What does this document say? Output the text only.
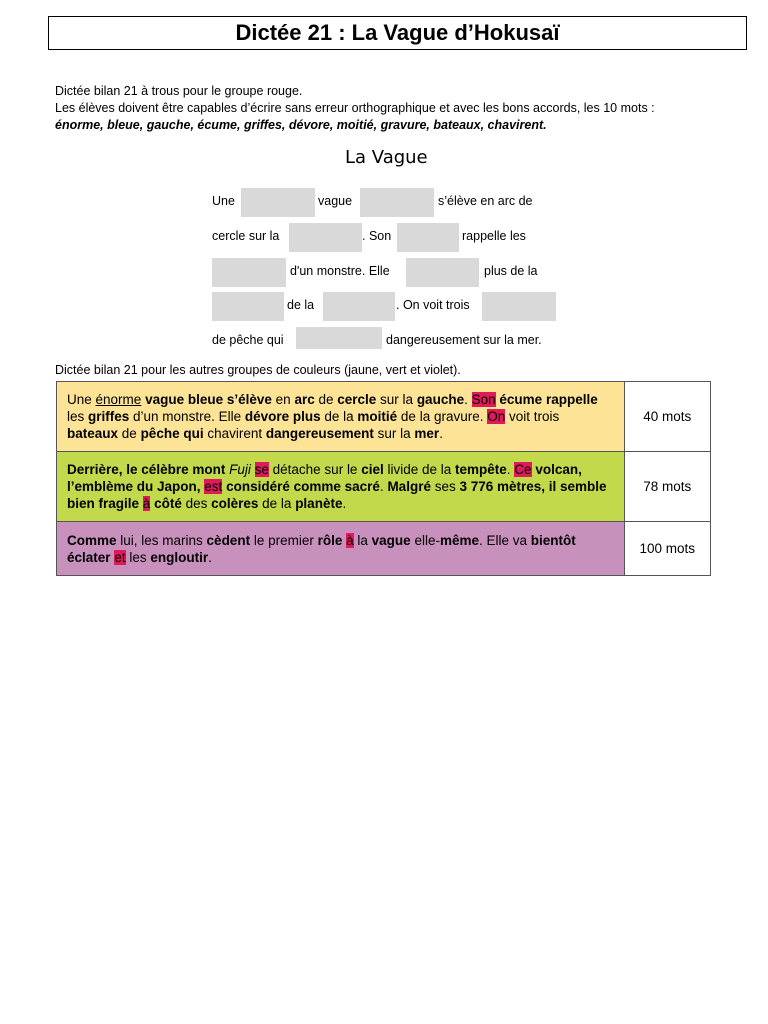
Dictée 21 : La Vague d’Hokusaï

Dictée bilan 21 à trous pour le groupe rouge.

Les élèves doivent être capables d’écrire sans erreur orthographique et avec les bons accords, les 10 mots :

énorme, bleue, gauche, écume, griffes, dévore, moitié, gravure, bateaux, chavirent.

La Vague
Une	vague	s’élève en arc de
cercle sur la	. Son	rappelle les
d'un monstre. Elle	plus de la
de la	. On voit trois
de pêche qui	dangereusement sur la mer.
Dictée bilan 21 pour les autres groupes de couleurs (jaune, vert et violet).
Une énorme vague bleue s’élève en arc de cercle sur la gauche. Son écume rappelle les griffes d’un monstre. Elle dévore plus de la moitié de la gravure. On voit trois bateaux de pêche qui chavirent dangereusement sur la mer.	40 mots
Derrière, le célèbre mont Fuji se détache sur le ciel livide de la tempête. Ce volcan, l’emblème du Japon, est considéré comme sacré. Malgré ses 3 776 mètres, il semble bien fragile à côté des colères de la planète.	78 mots
Comme lui, les marins cèdent le premier rôle à la vague elle-même. Elle va bientôt éclater et les engloutir.	100 mots
